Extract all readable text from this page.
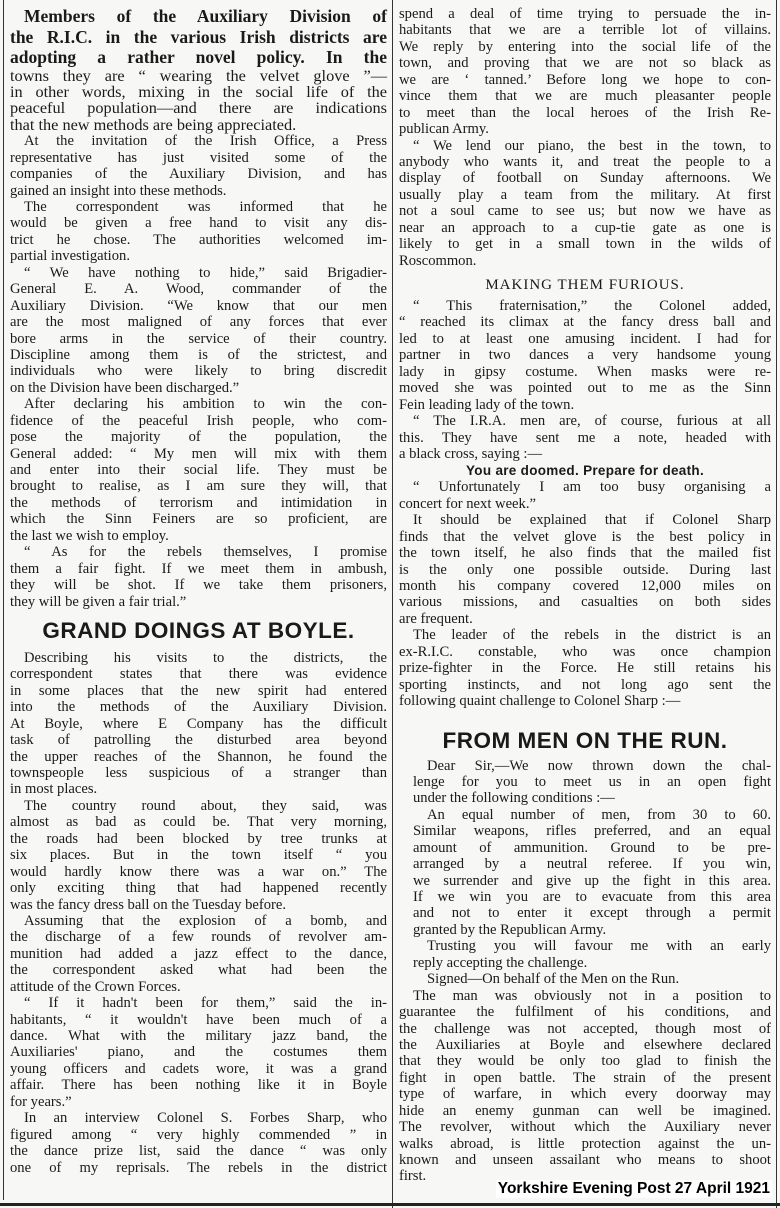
Members of the Auxiliary Division of
the R.I.C. in the various Irish districts are
adopting a rather novel policy. In the
towns they are “ wearing the velvet glove ”—
in other words, mixing in the social life of the
peaceful population—and there are indications
that the new methods are being appreciated.
At the invitation of the Irish Office, a Press
representative has just visited some of the
companies of the Auxiliary Division, and has
gained an insight into these methods.
The correspondent was informed that he
would be given a free hand to visit any dis-
trict he chose. The authorities welcomed im-
partial investigation.
“ We have nothing to hide,” said Brigadier-
General E. A. Wood, commander of the
Auxiliary Division. “We know that our men
are the most maligned of any forces that ever
bore arms in the service of their country.
Discipline among them is of the strictest, and
individuals who were likely to bring discredit
on the Division have been discharged.”
After declaring his ambition to win the con-
fidence of the peaceful Irish people, who com-
pose the majority of the population, the
General added: “ My men will mix with them
and enter into their social life. They must be
brought to realise, as I am sure they will, that
the methods of terrorism and intimidation in
which the Sinn Feiners are so proficient, are
the last we wish to employ.
“ As for the rebels themselves, I promise
them a fair fight. If we meet them in ambush,
they will be shot. If we take them prisoners,
they will be given a fair trial.”
GRAND DOINGS AT BOYLE.
Describing his visits to the districts, the
correspondent states that there was evidence
in some places that the new spirit had entered
into the methods of the Auxiliary Division.
At Boyle, where E Company has the difficult
task of patrolling the disturbed area beyond
the upper reaches of the Shannon, he found the
townspeople less suspicious of a stranger than
in most places.
The country round about, they said, was
almost as bad as could be. That very morning,
the roads had been blocked by tree trunks at
six places. But in the town itself “ you
would hardly know there was a war on.” The
only exciting thing that had happened recently
was the fancy dress ball on the Tuesday before.
Assuming that the explosion of a bomb, and
the discharge of a few rounds of revolver am-
munition had added a jazz effect to the dance,
the correspondent asked what had been the
attitude of the Crown Forces.
“ If it hadn't been for them,” said the in-
habitants, “ it wouldn't have been much of a
dance. What with the military jazz band, the
Auxiliaries' piano, and the costumes them
young officers and cadets wore, it was a grand
affair. There has been nothing like it in Boyle
for years.”
In an interview Colonel S. Forbes Sharp, who
figured among “ very highly commended ” in
the dance prize list, said the dance “ was only
one of my reprisals. The rebels in the district
spend a deal of time trying to persuade the in-
habitants that we are a terrible lot of villains.
We reply by entering into the social life of the
town, and proving that we are not so black as
we are ‘ tanned.’ Before long we hope to con-
vince them that we are much pleasanter people
to meet than the local heroes of the Irish Re-
publican Army.
“ We lend our piano, the best in the town, to
anybody who wants it, and treat the people to a
display of football on Sunday afternoons. We
usually play a team from the military. At first
not a soul came to see us; but now we have as
near an approach to a cup-tie gate as one is
likely to get in a small town in the wilds of
Roscommon.
MAKING THEM FURIOUS.
“ This fraternisation,” the Colonel added,
“ reached its climax at the fancy dress ball and
led to at least one amusing incident. I had for
partner in two dances a very handsome young
lady in gipsy costume. When masks were re-
moved she was pointed out to me as the Sinn
Fein leading lady of the town.
“ The I.R.A. men are, of course, furious at all
this. They have sent me a note, headed with
a black cross, saying :—
You are doomed. Prepare for death.
“ Unfortunately I am too busy organising a
concert for next week.”
It should be explained that if Colonel Sharp
finds that the velvet glove is the best policy in
the town itself, he also finds that the mailed fist
is the only one possible outside. During last
month his company covered 12,000 miles on
various missions, and casualties on both sides
are frequent.
The leader of the rebels in the district is an
ex-R.I.C. constable, who was once champion
prize-fighter in the Force. He still retains his
sporting instincts, and not long ago sent the
following quaint challenge to Colonel Sharp :—
FROM MEN ON THE RUN.
Dear Sir,—We now thrown down the chal-
lenge for you to meet us in an open fight
under the following conditions :—
An equal number of men, from 30 to 60.
Similar weapons, rifles preferred, and an equal
amount of ammunition. Ground to be pre-
arranged by a neutral referee. If you win,
we surrender and give up the fight in this area.
If we win you are to evacuate from this area
and not to enter it except through a permit
granted by the Republican Army.
Trusting you will favour me with an early
reply accepting the challenge.
Signed—On behalf of the Men on the Run.
The man was obviously not in a position to
guarantee the fulfilment of his conditions, and
the challenge was not accepted, though most of
the Auxiliaries at Boyle and elsewhere declared
that they would be only too glad to finish the
fight in open battle. The strain of the present
type of warfare, in which every doorway may
hide an enemy gunman can well be imagined.
The revolver, without which the Auxiliary never
walks abroad, is little protection against the un-
known and unseen assailant who means to shoot
first.
Yorkshire Evening Post 27 April 1921
